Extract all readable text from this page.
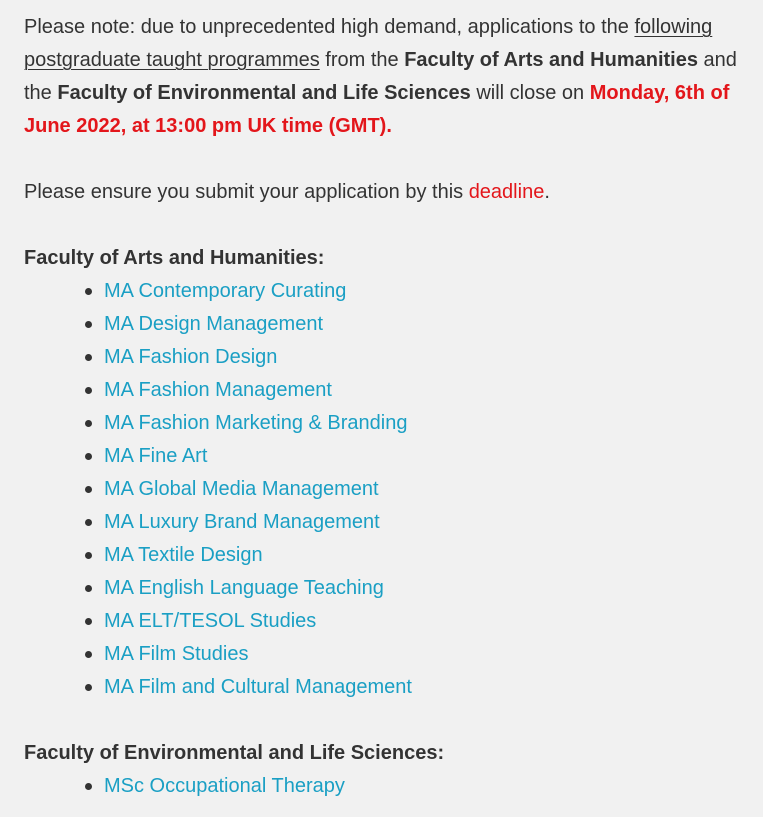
Please note: due to unprecedented high demand, applications to the following postgraduate taught programmes from the Faculty of Arts and Humanities and the Faculty of Environmental and Life Sciences will close on Monday, 6th of June 2022, at 13:00 pm UK time (GMT).

Please ensure you submit your application by this deadline.

Faculty of Arts and Humanities:
MA Contemporary Curating
MA Design Management
MA Fashion Design
MA Fashion Management
MA Fashion Marketing & Branding
MA Fine Art
MA Global Media Management
MA Luxury Brand Management
MA Textile Design
MA English Language Teaching
MA ELT/TESOL Studies
MA Film Studies
MA Film and Cultural Management
Faculty of Environmental and Life Sciences:
MSc Occupational Therapy
